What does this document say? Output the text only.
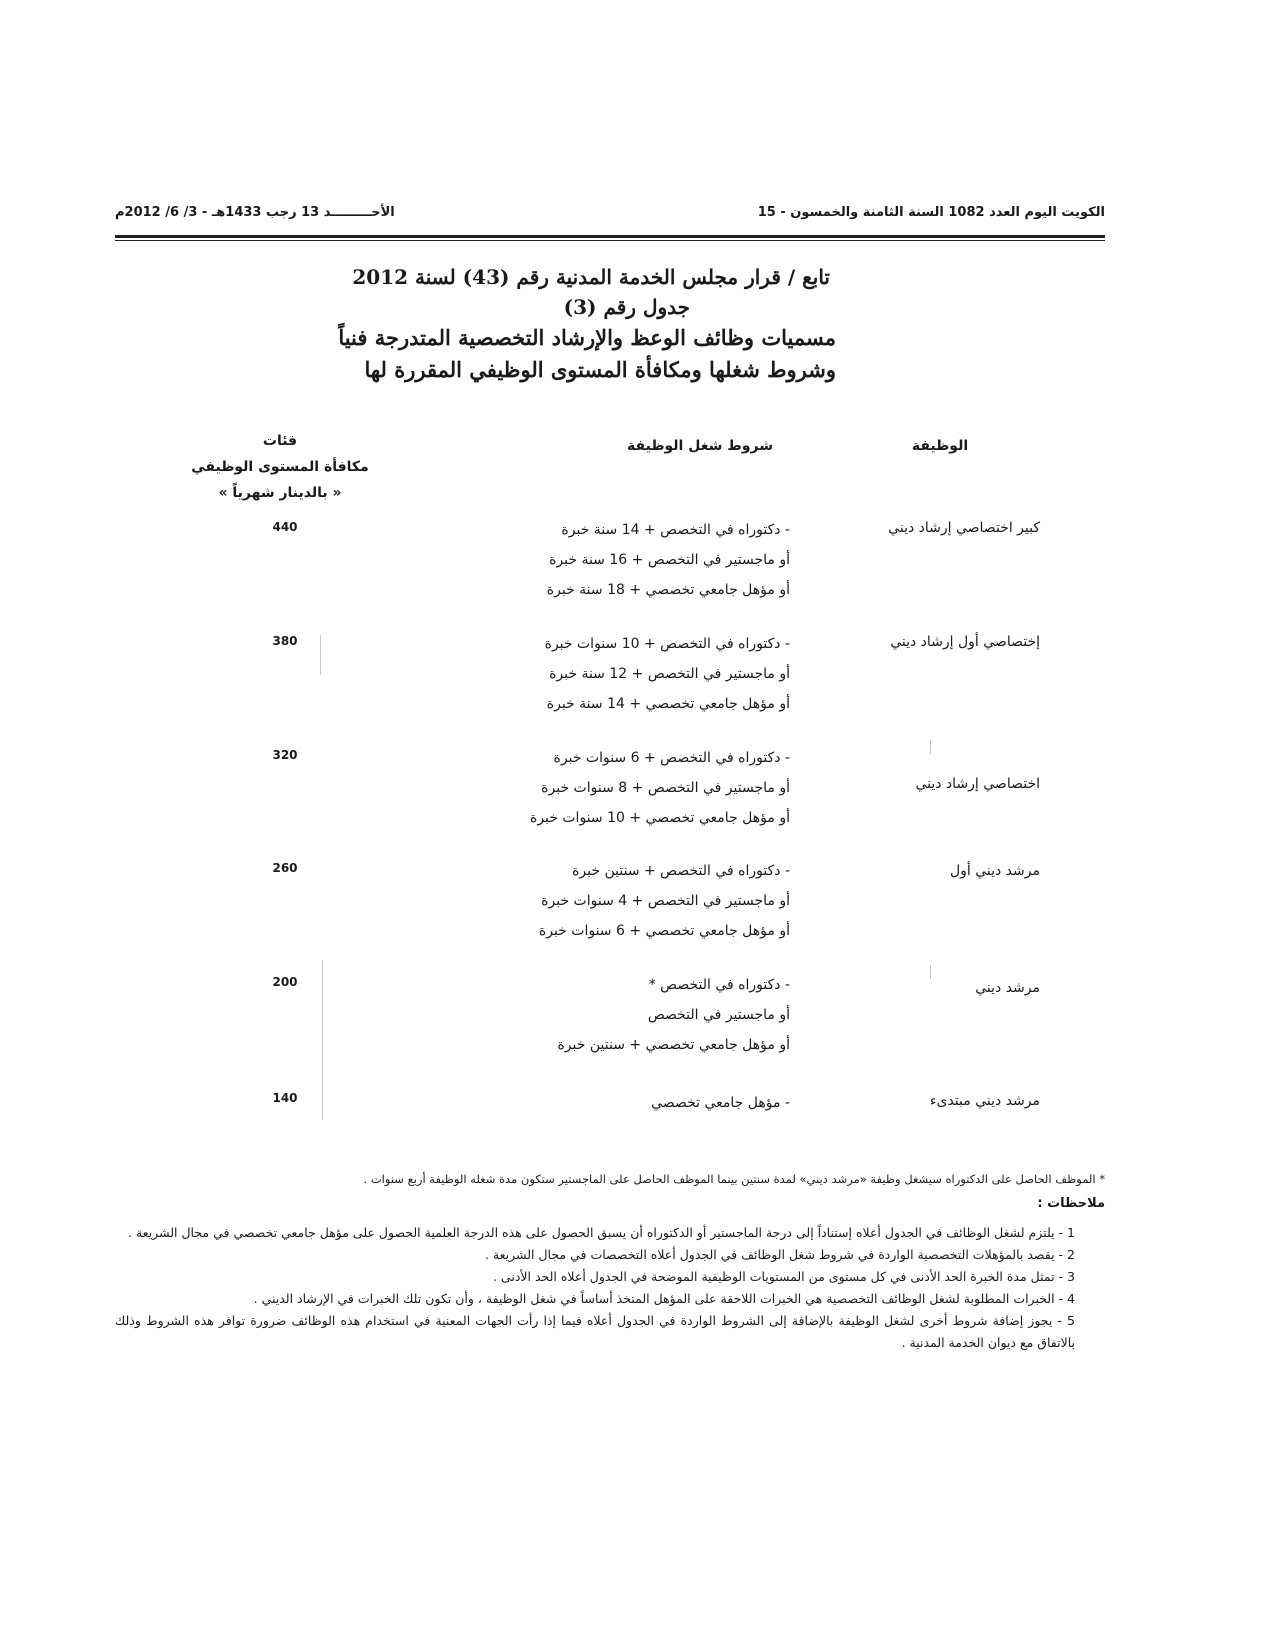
الكويت اليوم العدد 1082 السنة الثامنة والخمسون - 15
الأحـــــــــد 13 رجب 1433هـ - 3/ 6/ 2012م
تابع / قرار مجلس الخدمة المدنية رقم (43) لسنة 2012
جدول رقم (3)
مسميات وظائف الوعظ والإرشاد التخصصية المتدرجة فنياً
وشروط شغلها ومكافأة المستوى الوظيفي المقررة لها
الوظيفة
شروط شغل الوظيفة
فئات
مكافأة المستوى الوظيفي
« بالدينار شهرياً »
كبير اختصاصي إرشاد ديني
- دكتوراه في التخصص + 14 سنة خبرة
أو ماجستير في التخصص + 16 سنة خبرة
أو مؤهل جامعي تخصصي + 18 سنة خبرة
440
إختصاصي أول إرشاد ديني
- دكتوراه في التخصص + 10 سنوات خبرة
أو ماجستير في التخصص + 12 سنة خبرة
أو مؤهل جامعي تخصصي + 14 سنة خبرة
380
اختصاصي إرشاد ديني
- دكتوراه في التخصص + 6 سنوات خبرة
أو ماجستير في التخصص + 8 سنوات خبرة
أو مؤهل جامعي تخصصي + 10 سنوات خبرة
320
مرشد ديني أول
- دكتوراه في التخصص + سنتين خبرة
أو ماجستير في التخصص + 4 سنوات خبرة
أو مؤهل جامعي تخصصي + 6 سنوات خبرة
260
مرشد ديني
- دكتوراه في التخصص *
أو ماجستير في التخصص
أو مؤهل جامعي تخصصي + سنتين خبرة
200
مرشد ديني مبتدىء
- مؤهل جامعي تخصصي
140
* الموظف الحاصل على الدكتوراه سيشغل وظيفة «مرشد ديني» لمدة سنتين بينما الموظف الحاصل على الماجستير ستكون مدة شغله الوظيفة أربع سنوات .
ملاحظات :

1 - يلتزم لشغل الوظائف في الجدول أعلاه إستناداً إلى درجة الماجستير أو الدكتوراه أن يسبق الحصول على هذه الدرجة العلمية الحصول على مؤهل جامعي تخصصي في مجال الشريعة .

2 - يقصد بالمؤهلات التخصصية الواردة في شروط شغل الوظائف في الجدول أعلاه التخصصات في مجال الشريعة .

3 - تمثل مدة الخبرة الحد الأدنى في كل مستوى من المستويات الوظيفية الموضحة في الجدول أعلاه الحد الأدنى .

4 - الخبرات المطلوبة لشغل الوظائف التخصصية هي الخبرات اللاحقة على المؤهل المتخذ أساساً في شغل الوظيفة ، وأن تكون تلك الخبرات في الإرشاد الديني .

5 - يجوز إضافة شروط أخرى لشغل الوظيفة بالإضافة إلى الشروط الواردة في الجدول أعلاه فيما إذا رأت الجهات المعنية في استخدام هذه الوظائف ضرورة توافر هذه الشروط وذلك بالاتفاق مع ديوان الخدمة المدنية .
